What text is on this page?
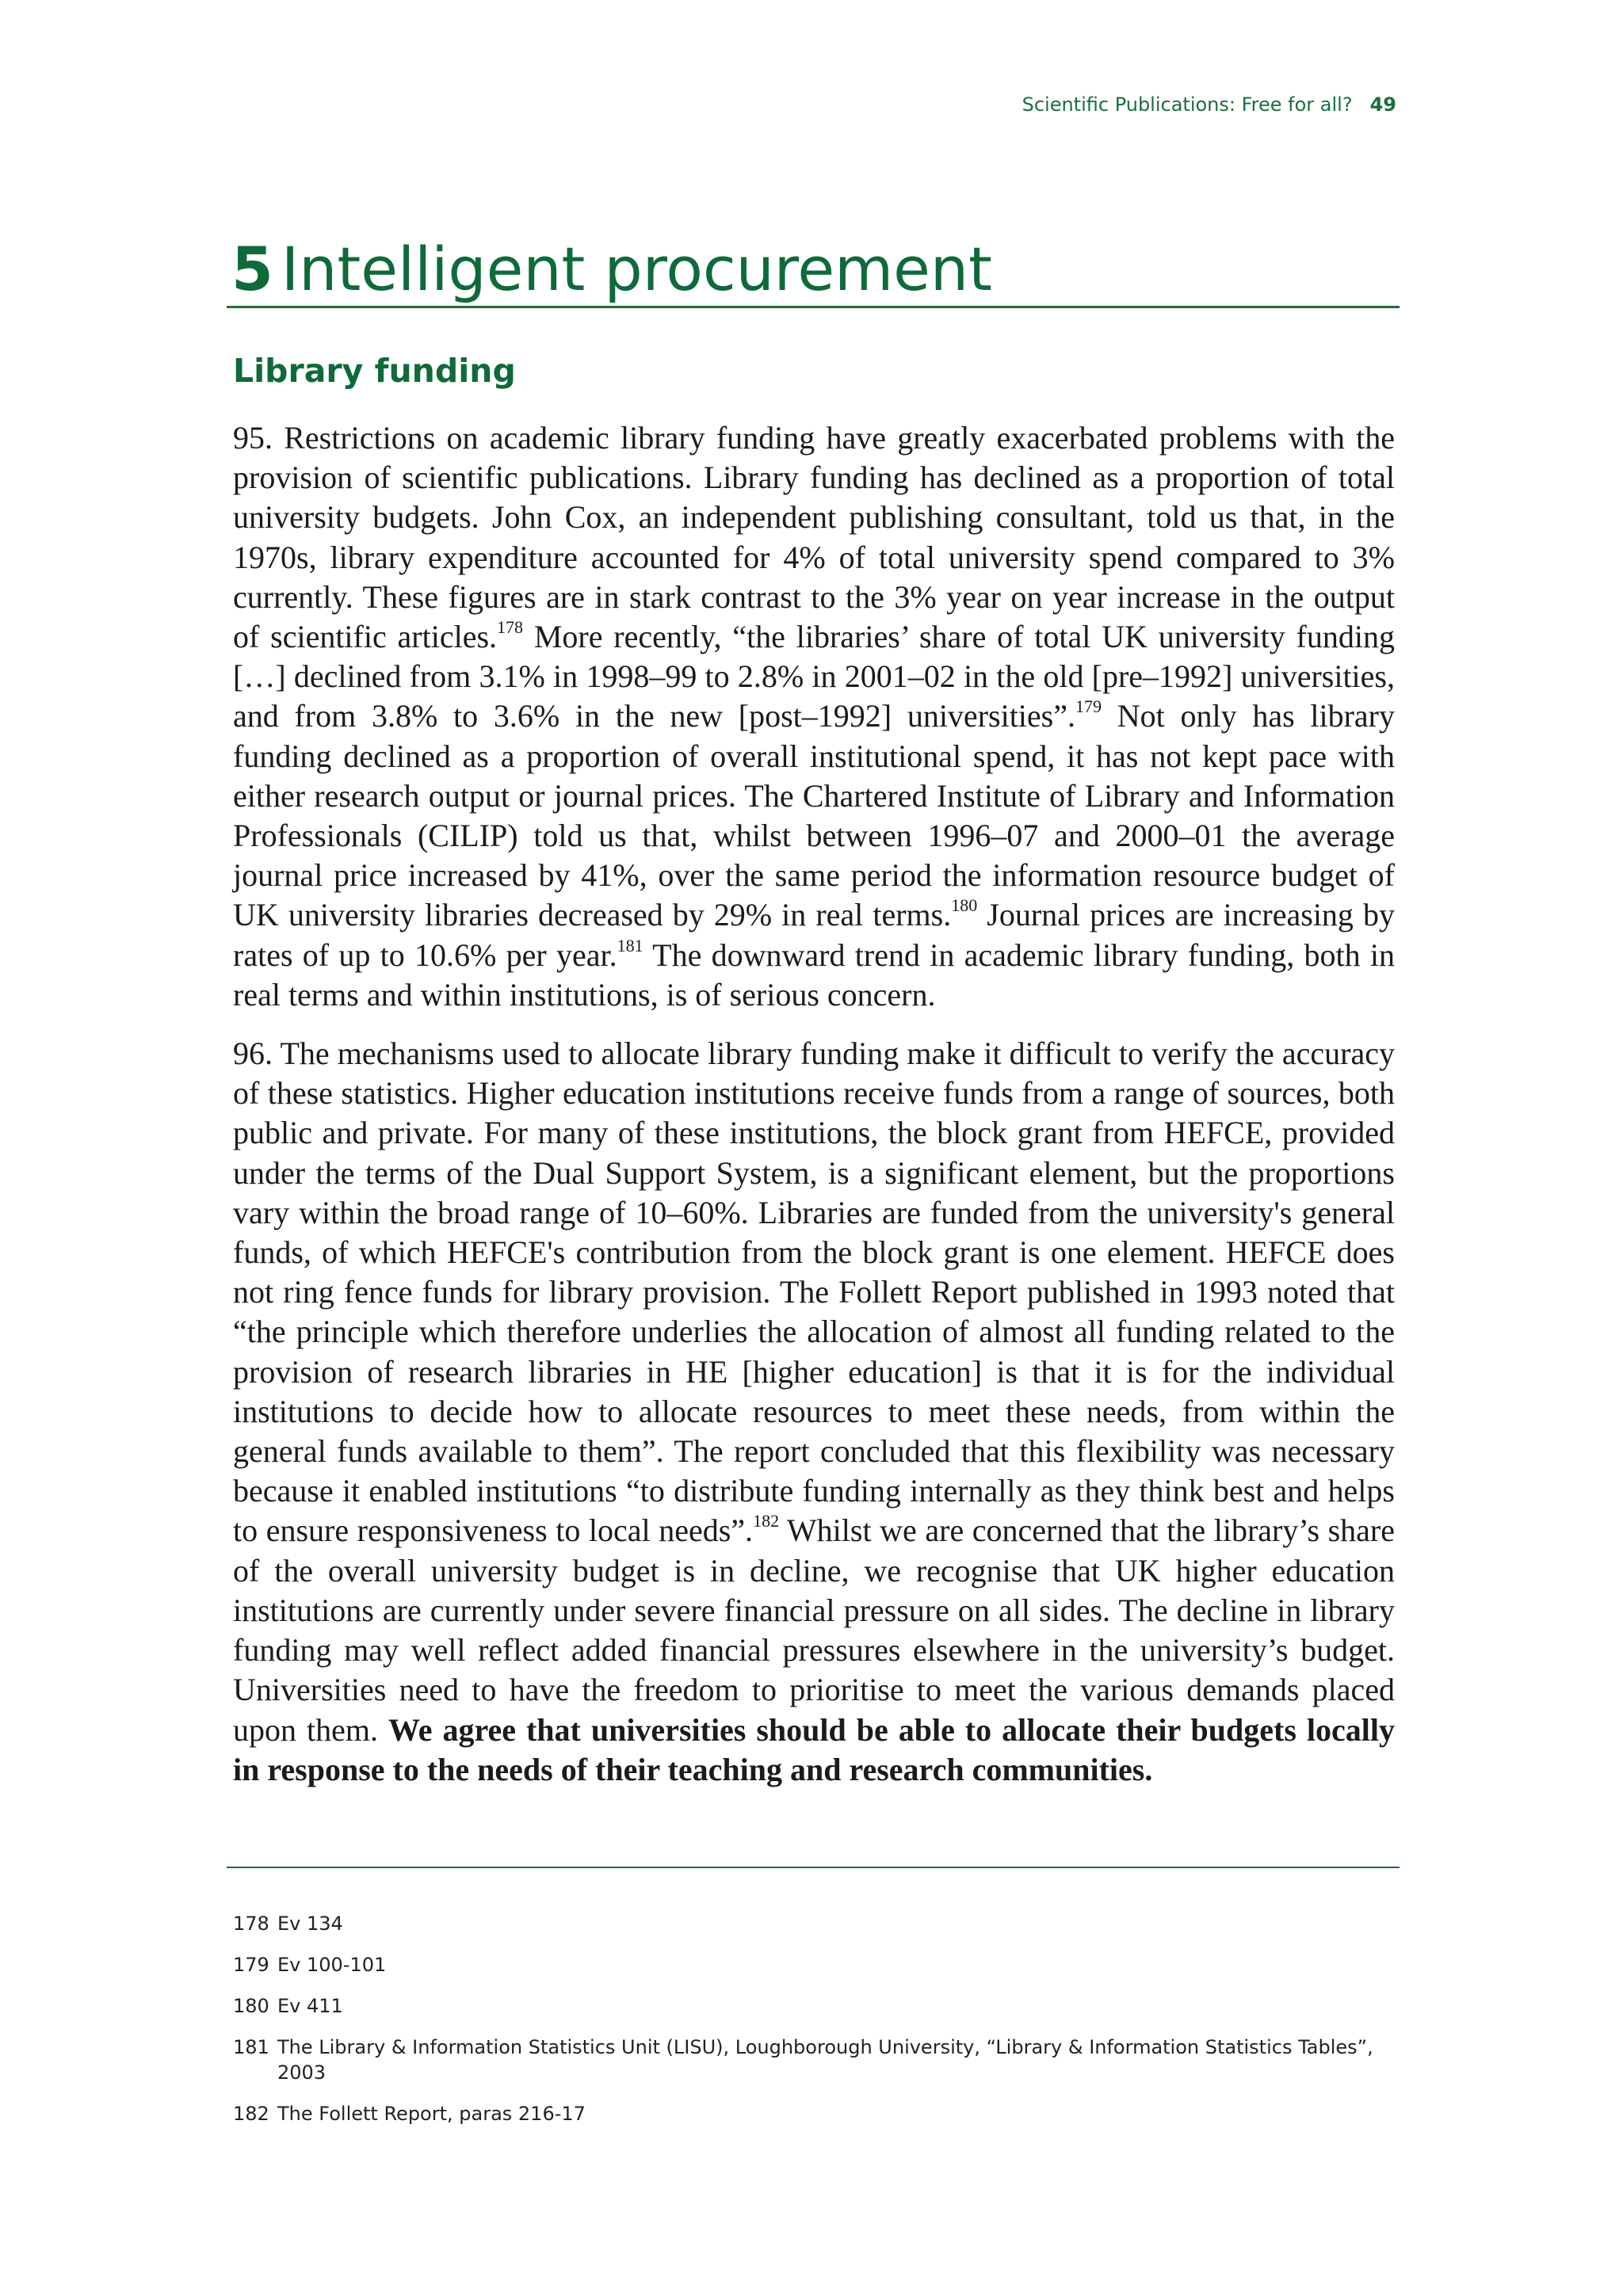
Scientific Publications: Free for all? 49
5 Intelligent procurement
Library funding

95. Restrictions on academic library funding have greatly exacerbated problems with the provision of scientific publications. Library funding has declined as a proportion of total university budgets. John Cox, an independent publishing consultant, told us that, in the 1970s, library expenditure accounted for 4% of total university spend compared to 3% currently. These figures are in stark contrast to the 3% year on year increase in the output of scientific articles.$^{178}$ More recently, “the libraries’ share of total UK university funding […] declined from 3.1% in 1998–99 to 2.8% in 2001–02 in the old [pre–1992] universities, and from 3.8% to 3.6% in the new [post–1992] universities”.$^{179}$ Not only has library funding declined as a proportion of overall institutional spend, it has not kept pace with either research output or journal prices. The Chartered Institute of Library and Information Professionals (CILIP) told us that, whilst between 1996–07 and 2000–01 the average journal price increased by 41%, over the same period the information resource budget of UK university libraries decreased by 29% in real terms.$^{180}$ Journal prices are increasing by rates of up to 10.6% per year.$^{181}$ The downward trend in academic library funding, both in real terms and within institutions, is of serious concern.

96. The mechanisms used to allocate library funding make it difficult to verify the accuracy of these statistics. Higher education institutions receive funds from a range of sources, both public and private. For many of these institutions, the block grant from HEFCE, provided under the terms of the Dual Support System, is a significant element, but the proportions vary within the broad range of 10–60%. Libraries are funded from the university's general funds, of which HEFCE's contribution from the block grant is one element. HEFCE does not ring fence funds for library provision. The Follett Report published in 1993 noted that “the principle which therefore underlies the allocation of almost all funding related to the provision of research libraries in HE [higher education] is that it is for the individual institutions to decide how to allocate resources to meet these needs, from within the general funds available to them”. The report concluded that this flexibility was necessary because it enabled institutions “to distribute funding internally as they think best and helps to ensure responsiveness to local needs”.$^{182}$ Whilst we are concerned that the library’s share of the overall university budget is in decline, we recognise that UK higher education institutions are currently under severe financial pressure on all sides. The decline in library funding may well reflect added financial pressures elsewhere in the university’s budget. Universities need to have the freedom to prioritise to meet the various demands placed upon them. We agree that universities should be able to allocate their budgets locally in response to the needs of their teaching and research communities.

178 Ev 134
179 Ev 100-101
180 Ev 411
181 The Library & Information Statistics Unit (LISU), Loughborough University, “Library & Information Statistics Tables”, 2003
182 The Follett Report, paras 216-17
